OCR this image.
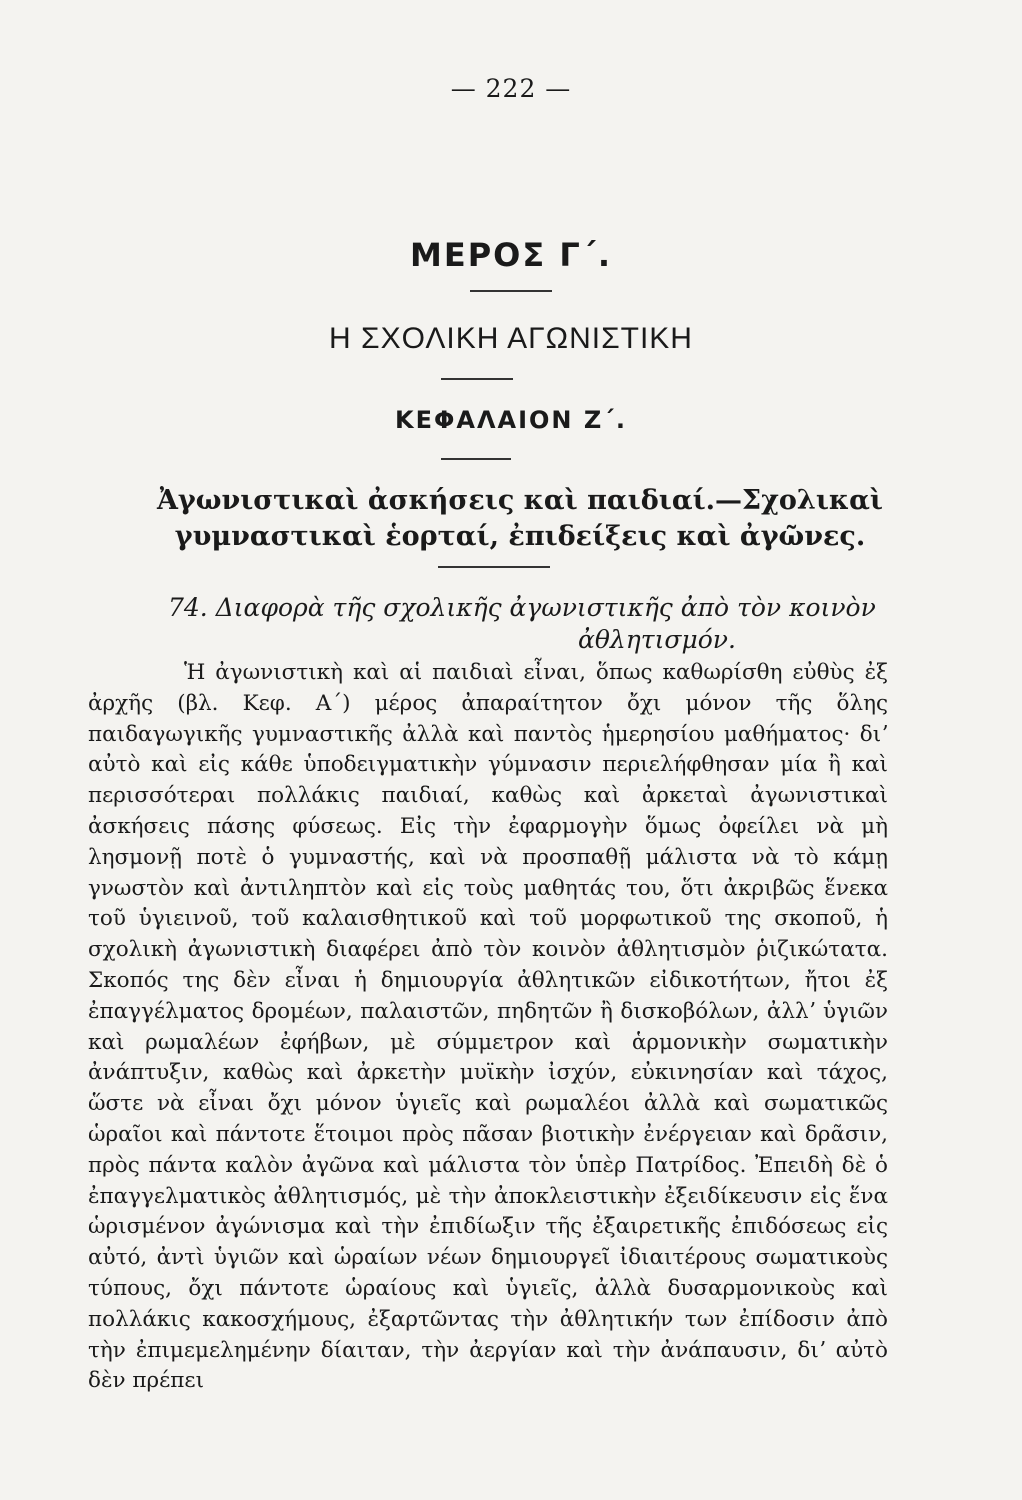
— 222 —
ΜΕΡΟΣ Γ΄.
Η ΣΧΟΛΙΚΗ ΑΓΩΝΙΣΤΙΚΗ
ΚΕΦΑΛΑΙΟΝ Ζ΄.
Ἀγωνιστικαὶ ἀσκήσεις καὶ παιδιαί.—Σχολικαὶ γυμναστικαὶ ἑορταί, ἐπιδείξεις καὶ ἀγῶνες.
74. Διαφορὰ τῆς σχολικῆς ἀγωνιστικῆς ἀπὸ τὸν κοινὸν
ἀθλητισμόν.
Ἡ ἀγωνιστικὴ καὶ αἱ παιδιαὶ εἶναι, ὅπως καθωρίσθη εὐθὺς ἐξ ἀρχῆς (βλ. Κεφ. Α΄) μέρος ἀπαραίτητον ὄχι μόνον τῆς ὅλης παιδαγωγικῆς γυμναστικῆς ἀλλὰ καὶ παντὸς ἡμερησίου μαθήματος· διʼ αὐτὸ καὶ εἰς κάθε ὑποδειγματικὴν γύμνασιν περιελήφθησαν μία ἢ καὶ περισσότεραι πολλάκις παιδιαί, καθὼς καὶ ἀρκεταὶ ἀγωνιστικαὶ ἀσκήσεις πάσης φύσεως. Εἰς τὴν ἐφαρμογὴν ὅμως ὀφείλει νὰ μὴ λησμονῇ ποτὲ ὁ γυμναστής, καὶ νὰ προσπαθῇ μάλιστα νὰ τὸ κάμῃ γνωστὸν καὶ ἀντιληπτὸν καὶ εἰς τοὺς μαθητάς του, ὅτι ἀκριβῶς ἕνεκα τοῦ ὑγιεινοῦ, τοῦ καλαισθητικοῦ καὶ τοῦ μορφωτικοῦ της σκοποῦ, ἡ σχολικὴ ἀγωνιστικὴ διαφέρει ἀπὸ τὸν κοινὸν ἀθλητισμὸν ῥιζικώτατα. Σκοπός της δὲν εἶναι ἡ δημιουργία ἀθλητικῶν εἰδικοτήτων, ἤτοι ἐξ ἐπαγγέλματος δρομέων, παλαιστῶν, πηδητῶν ἢ δισκοβόλων, ἀλλʼ ὑγιῶν καὶ ρωμαλέων ἐφήβων, μὲ σύμμετρον καὶ ἁρμονικὴν σωματικὴν ἀνάπτυξιν, καθὼς καὶ ἀρκετὴν μυϊκὴν ἰσχύν, εὐκινησίαν καὶ τάχος, ὥστε νὰ εἶναι ὄχι μόνον ὑγιεῖς καὶ ρωμαλέοι ἀλλὰ καὶ σωματικῶς ὡραῖοι καὶ πάντοτε ἕτοιμοι πρὸς πᾶσαν βιοτικὴν ἐνέργειαν καὶ δρᾶσιν, πρὸς πάντα καλὸν ἀγῶνα καὶ μάλιστα τὸν ὑπὲρ Πατρίδος. Ἐπειδὴ δὲ ὁ ἐπαγγελματικὸς ἀθλητισμός, μὲ τὴν ἀποκλειστικὴν ἐξειδίκευσιν εἰς ἕνα ὡρισμένον ἀγώνισμα καὶ τὴν ἐπιδίωξιν τῆς ἐξαιρετικῆς ἐπιδόσεως εἰς αὐτό, ἀντὶ ὑγιῶν καὶ ὡραίων νέων δημιουργεῖ ἰδιαιτέρους σωματικοὺς τύπους, ὄχι πάντοτε ὡραίους καὶ ὑγιεῖς, ἀλλὰ δυσαρμονικοὺς καὶ πολλάκις κακοσχήμους, ἐξαρτῶντας τὴν ἀθλητικήν των ἐπίδοσιν ἀπὸ τὴν ἐπιμεμελημένην δίαιταν, τὴν ἀεργίαν καὶ τὴν ἀνάπαυσιν, διʼ αὐτὸ δὲν πρέπει
